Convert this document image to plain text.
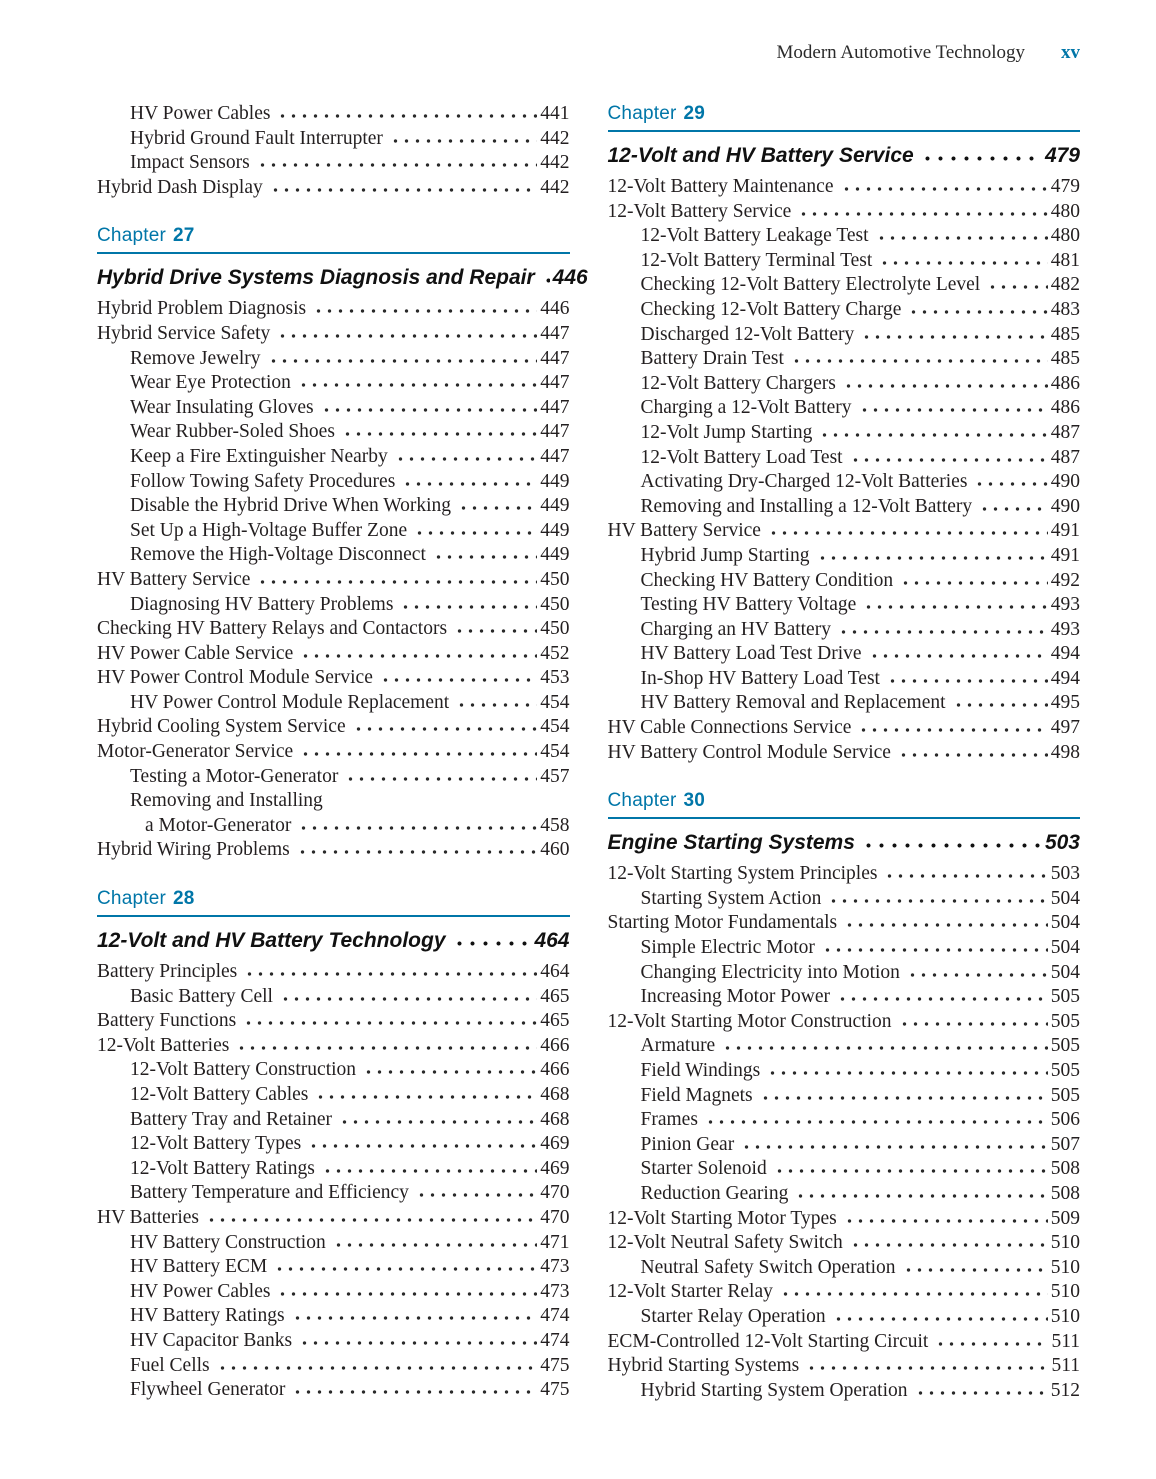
Modern Automotive Technology xv
HV Power Cables	441
Hybrid Ground Fault Interrupter	442
Impact Sensors	442
Hybrid Dash Display	442
Chapter 27
Hybrid Drive Systems Diagnosis and Repair 446
Hybrid Problem Diagnosis	446
Hybrid Service Safety	447
Remove Jewelry	447
Wear Eye Protection	447
Wear Insulating Gloves	447
Wear Rubber-Soled Shoes	447
Keep a Fire Extinguisher Nearby	447
Follow Towing Safety Procedures	449
Disable the Hybrid Drive When Working	449
Set Up a High-Voltage Buffer Zone	449
Remove the High-Voltage Disconnect	449
HV Battery Service	450
Diagnosing HV Battery Problems	450
Checking HV Battery Relays and Contactors	450
HV Power Cable Service	452
HV Power Control Module Service	453
HV Power Control Module Replacement	454
Hybrid Cooling System Service	454
Motor-Generator Service	454
Testing a Motor-Generator	457
Removing and Installing
a Motor-Generator	458
Hybrid Wiring Problems	460
Chapter 28
12-Volt and HV Battery Technology	464
Battery Principles	464
Basic Battery Cell	465
Battery Functions	465
12-Volt Batteries	466
12-Volt Battery Construction	466
12-Volt Battery Cables	468
Battery Tray and Retainer	468
12-Volt Battery Types	469
12-Volt Battery Ratings	469
Battery Temperature and Efficiency	470
HV Batteries	470
HV Battery Construction	471
HV Battery ECM	473
HV Power Cables	473
HV Battery Ratings	474
HV Capacitor Banks	474
Fuel Cells	475
Flywheel Generator	475
Chapter 29
12-Volt and HV Battery Service	479
12-Volt Battery Maintenance	479
12-Volt Battery Service	480
12-Volt Battery Leakage Test	480
12-Volt Battery Terminal Test	481
Checking 12-Volt Battery Electrolyte Level	482
Checking 12-Volt Battery Charge	483
Discharged 12-Volt Battery	485
Battery Drain Test	485
12-Volt Battery Chargers	486
Charging a 12-Volt Battery	486
12-Volt Jump Starting	487
12-Volt Battery Load Test	487
Activating Dry-Charged 12-Volt Batteries	490
Removing and Installing a 12-Volt Battery	490
HV Battery Service	491
Hybrid Jump Starting	491
Checking HV Battery Condition	492
Testing HV Battery Voltage	493
Charging an HV Battery	493
HV Battery Load Test Drive	494
In-Shop HV Battery Load Test	494
HV Battery Removal and Replacement	495
HV Cable Connections Service	497
HV Battery Control Module Service	498
Chapter 30
Engine Starting Systems	503
12-Volt Starting System Principles	503
Starting System Action	504
Starting Motor Fundamentals	504
Simple Electric Motor	504
Changing Electricity into Motion	504
Increasing Motor Power	505
12-Volt Starting Motor Construction	505
Armature	505
Field Windings	505
Field Magnets	505
Frames	506
Pinion Gear	507
Starter Solenoid	508
Reduction Gearing	508
12-Volt Starting Motor Types	509
12-Volt Neutral Safety Switch	510
Neutral Safety Switch Operation	510
12-Volt Starter Relay	510
Starter Relay Operation	510
ECM-Controlled 12-Volt Starting Circuit	511
Hybrid Starting Systems	511
Hybrid Starting System Operation	512
